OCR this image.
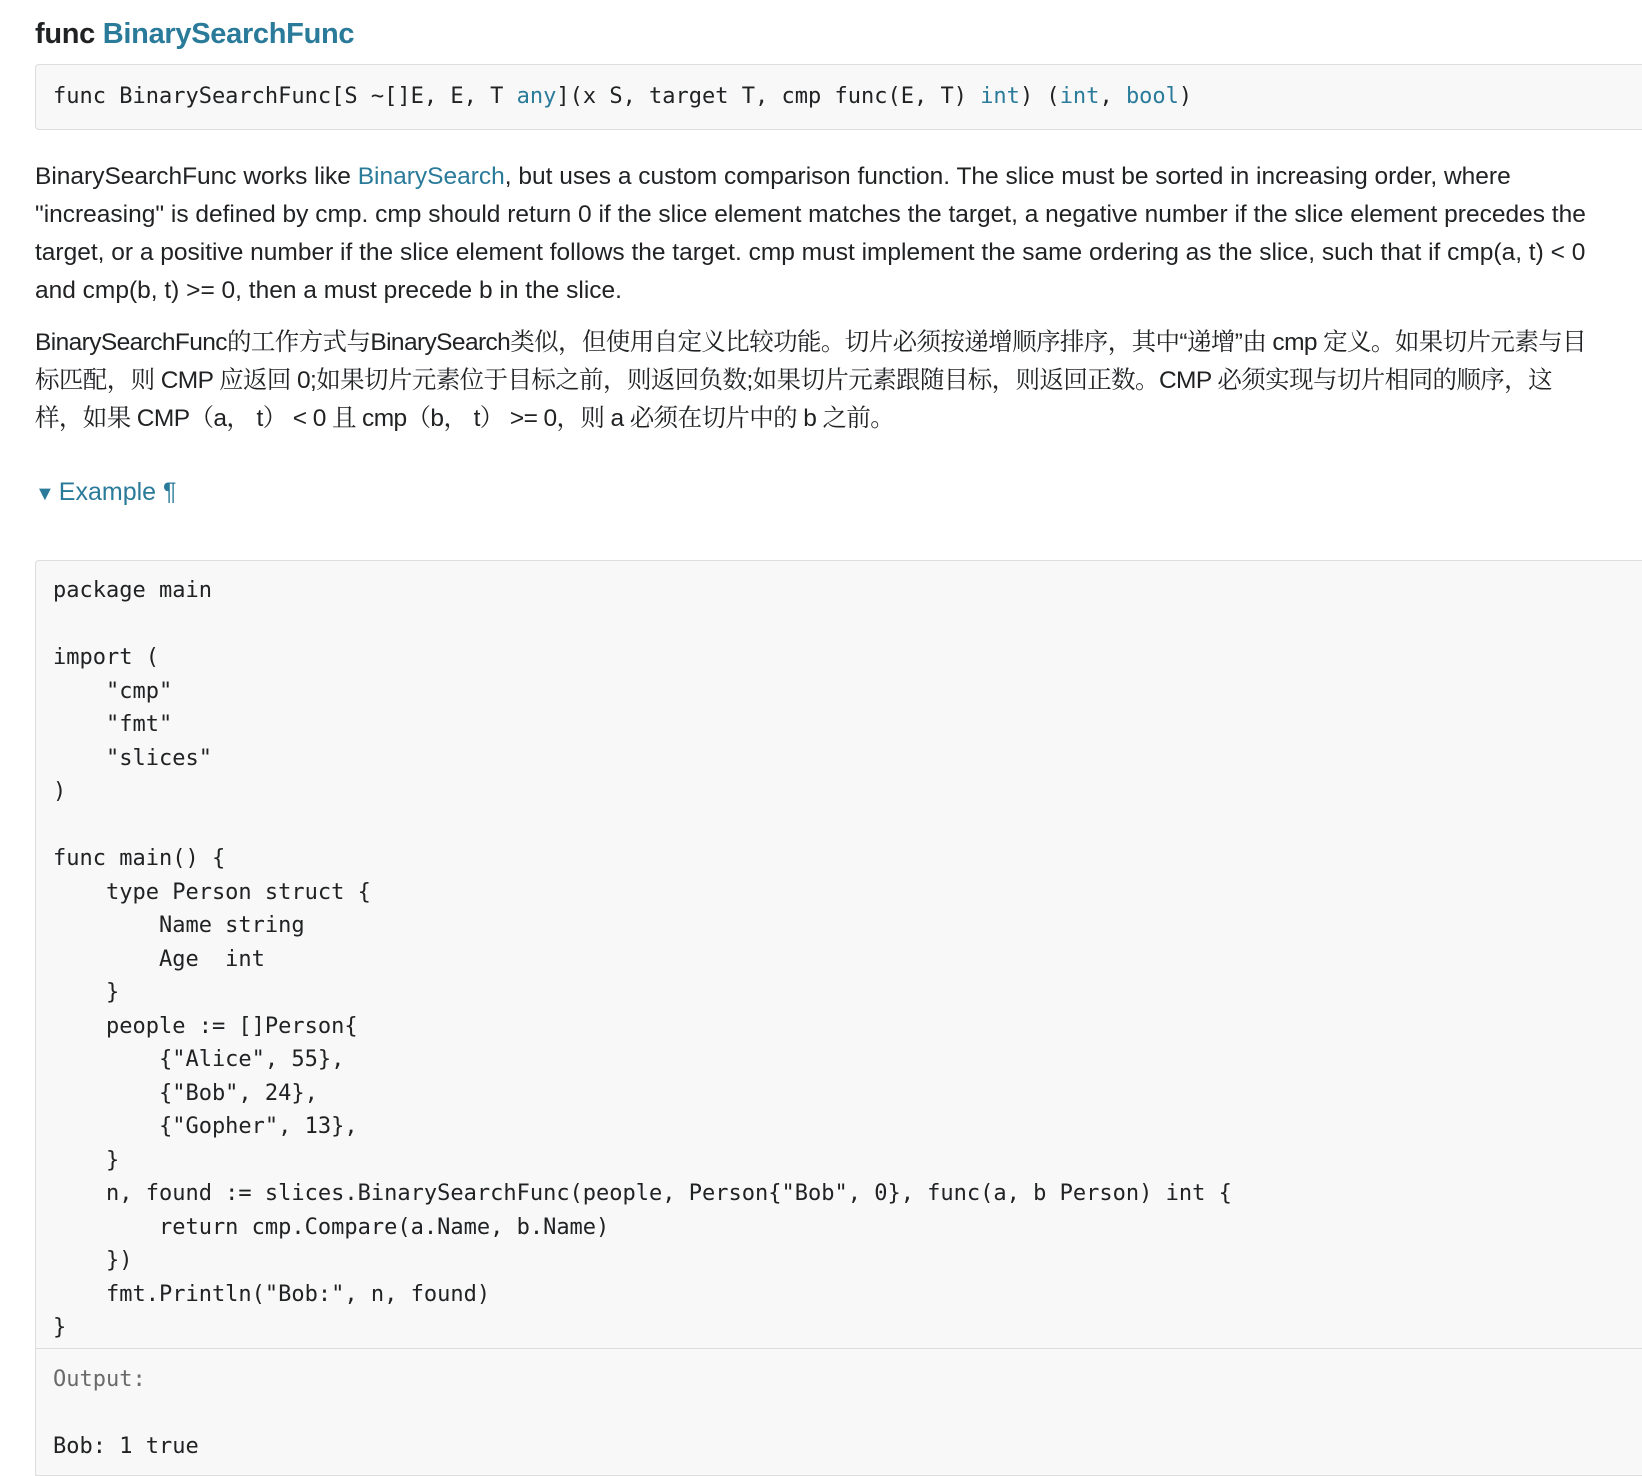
func BinarySearchFunc
func BinarySearchFunc[S ~[]E, E, T any](x S, target T, cmp func(E, T) int) (int, bool)

BinarySearchFunc works like BinarySearch, but uses a custom comparison function. The slice must be sorted in increasing order, where "increasing" is defined by cmp. cmp should return 0 if the slice element matches the target, a negative number if the slice element precedes the target, or a positive number if the slice element follows the target. cmp must implement the same ordering as the slice, such that if cmp(a, t) < 0 and cmp(b, t) >= 0, then a must precede b in the slice.

BinarySearchFunc的工作方式与BinarySearch类似，但使用自定义比较功能。切片必须按递增顺序排序，其中“递增”由 cmp 定义。如果切片元素与目标匹配，则 CMP 应返回 0;如果切片元素位于目标之前，则返回负数;如果切片元素跟随目标，则返回正数。CMP 必须实现与切片相同的顺序，这样，如果 CMP（a， t） < 0 且 cmp（b， t） >= 0，则 a 必须在切片中的 b 之前。

▼ Example ¶
package main

import (
"cmp"
"fmt"
"slices"
)

func main() {
type Person struct {
Name string
Age  int
}
people := []Person{
{"Alice", 55},
{"Bob", 24},
{"Gopher", 13},
}
n, found := slices.BinarySearchFunc(people, Person{"Bob", 0}, func(a, b Person) int {
return cmp.Compare(a.Name, b.Name)
})
fmt.Println("Bob:", n, found)
}
Output:
Bob: 1 true
